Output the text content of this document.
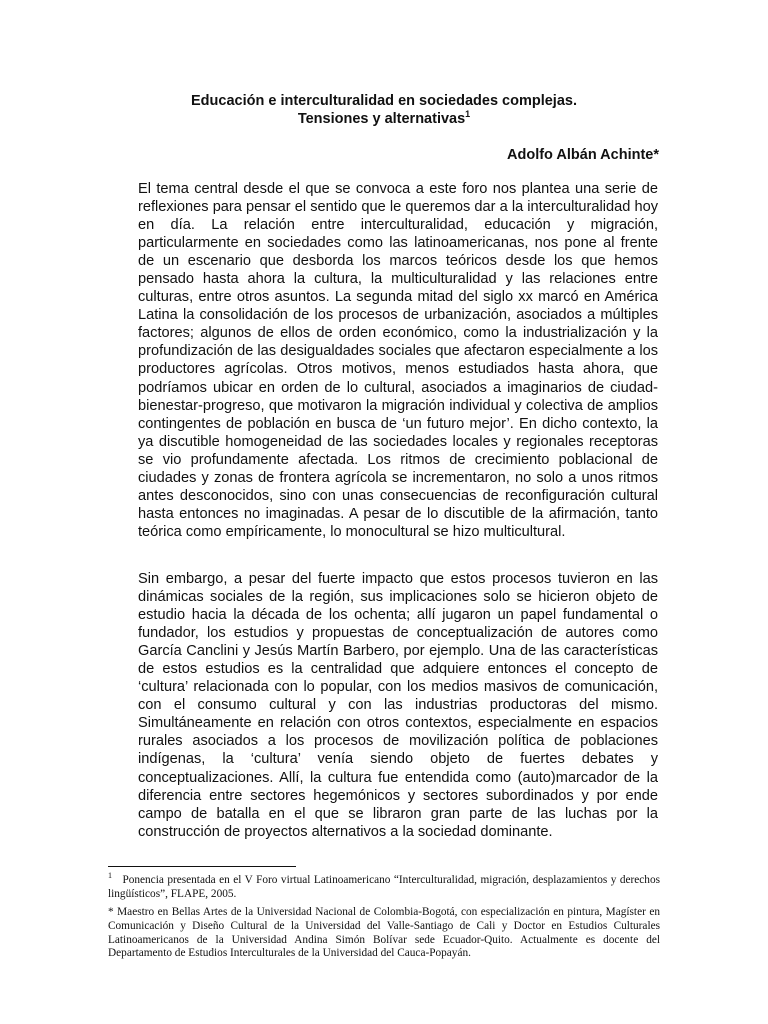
Educación e interculturalidad en sociedades complejas.
Tensiones y alternativas$^1$
Adolfo Albán Achinte*

El tema central desde el que se convoca a este foro nos plantea una serie de reflexiones para pensar el sentido que le queremos dar a la interculturalidad hoy en día. La relación entre interculturalidad, educación y migración, particularmente en sociedades como las latinoamericanas, nos pone al frente de un escenario que desborda los marcos teóricos desde los que hemos pensado hasta ahora la cultura, la multiculturalidad y las relaciones entre culturas, entre otros asuntos. La segunda mitad del siglo xx marcó en América Latina la consolidación de los procesos de urbanización, asociados a múltiples factores; algunos de ellos de orden económico, como la industrialización y la profundización de las desigualdades sociales que afectaron especialmente a los productores agrícolas. Otros motivos, menos estudiados hasta ahora, que podríamos ubicar en orden de lo cultural, asociados a imaginarios de ciudad-bienestar-progreso, que motivaron la migración individual y colectiva de amplios contingentes de población en busca de ‘un futuro mejor’. En dicho contexto, la ya discutible homogeneidad de las sociedades locales y regionales receptoras se vio profundamente afectada. Los ritmos de crecimiento poblacional de ciudades y zonas de frontera agrícola se incrementaron, no solo a unos ritmos antes desconocidos, sino con unas consecuencias de reconfiguración cultural hasta entonces no imaginadas. A pesar de lo discutible de la afirmación, tanto teórica como empíricamente, lo monocultural se hizo multicultural.

Sin embargo, a pesar del fuerte impacto que estos procesos tuvieron en las dinámicas sociales de la región, sus implicaciones solo se hicieron objeto de estudio hacia la década de los ochenta; allí jugaron un papel fundamental o fundador, los estudios y propuestas de conceptualización de autores como García Canclini y Jesús Martín Barbero, por ejemplo. Una de las características de estos estudios es la centralidad que adquiere entonces el concepto de ‘cultura’ relacionada con lo popular, con los medios masivos de comunicación, con el consumo cultural y con las industrias productoras del mismo. Simultáneamente en relación con otros contextos, especialmente en espacios rurales asociados a los procesos de movilización política de poblaciones indígenas, la ‘cultura’ venía siendo objeto de fuertes debates y conceptualizaciones. Allí, la cultura fue entendida como (auto)marcador de la diferencia entre sectores hegemónicos y sectores subordinados y por ende campo de batalla en el que se libraron gran parte de las luchas por la construcción de proyectos alternativos a la sociedad dominante.

$^1$ Ponencia presentada en el V Foro virtual Latinoamericano “Interculturalidad, migración, desplazamientos y derechos lingüísticos”, FLAPE, 2005.

* Maestro en Bellas Artes de la Universidad Nacional de Colombia-Bogotá, con especialización en pintura, Magíster en Comunicación y Diseño Cultural de la Universidad del Valle-Santiago de Cali y Doctor en Estudios Culturales Latinoamericanos de la Universidad Andina Simón Bolívar sede Ecuador-Quito. Actualmente es docente del Departamento de Estudios Interculturales de la Universidad del Cauca-Popayán.
